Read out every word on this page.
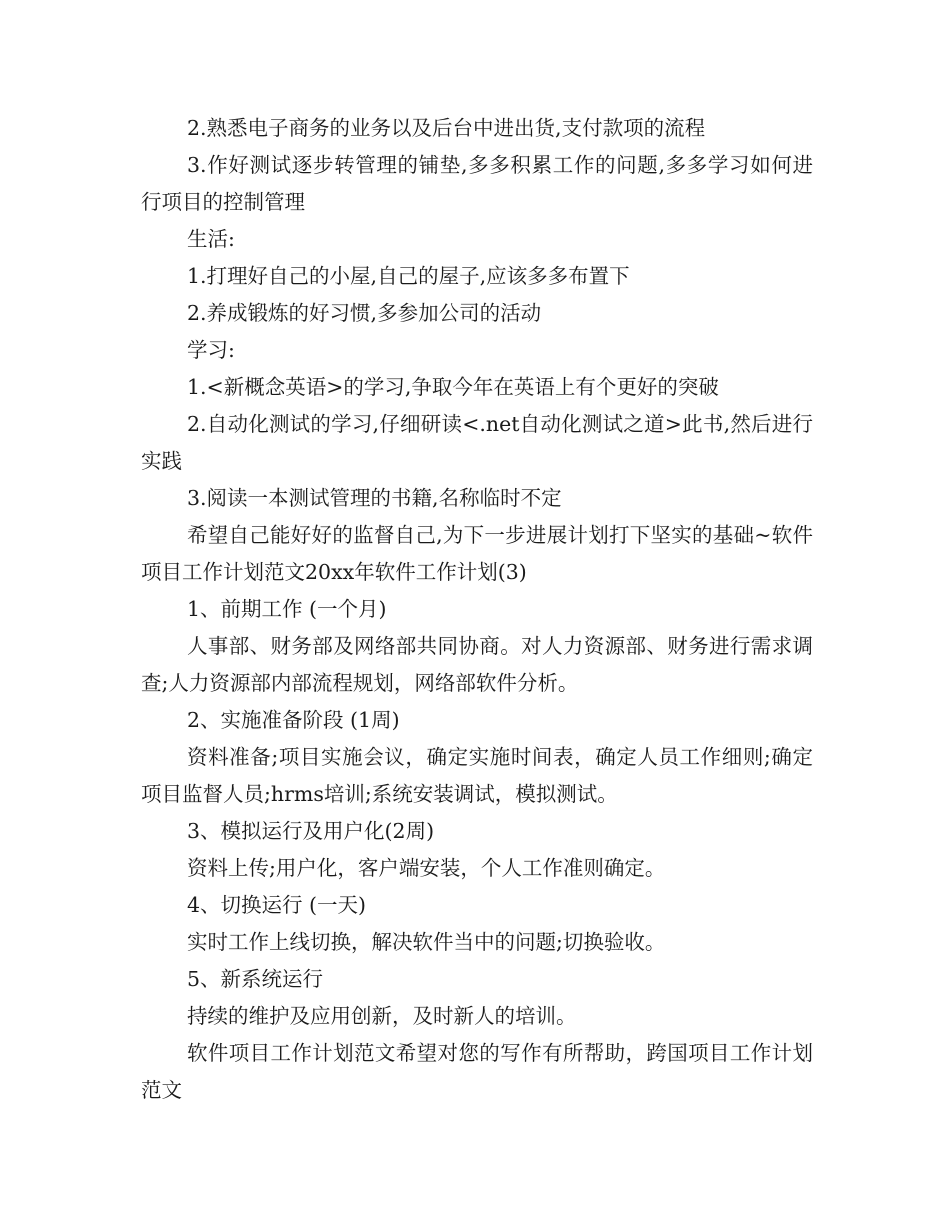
2.熟悉电子商务的业务以及后台中进出货,支付款项的流程

3.作好测试逐步转管理的铺垫,多多积累工作的问题,多多学习如何进行项目的控制管理

生活:

1.打理好自己的小屋,自己的屋子,应该多多布置下

2.养成锻炼的好习惯,多参加公司的活动

学习:

1.<新概念英语>的学习,争取今年在英语上有个更好的突破

2.自动化测试的学习,仔细研读<.net自动化测试之道>此书,然后进行实践

3.阅读一本测试管理的书籍,名称临时不定

希望自己能好好的监督自己,为下一步进展计划打下坚实的基础~软件项目工作计划范文20xx年软件工作计划(3)

1、前期工作 (一个月)

人事部、财务部及网络部共同协商。对人力资源部、财务进行需求调查;人力资源部内部流程规划，网络部软件分析。

2、实施准备阶段 (1周)

资料准备;项目实施会议，确定实施时间表，确定人员工作细则;确定项目监督人员;hrms培训;系统安装调试，模拟测试。

3、模拟运行及用户化(2周)

资料上传;用户化，客户端安装，个人工作准则确定。

4、切换运行 (一天)

实时工作上线切换，解决软件当中的问题;切换验收。

5、新系统运行

持续的维护及应用创新，及时新人的培训。

软件项目工作计划范文希望对您的写作有所帮助，跨国项目工作计划范文
